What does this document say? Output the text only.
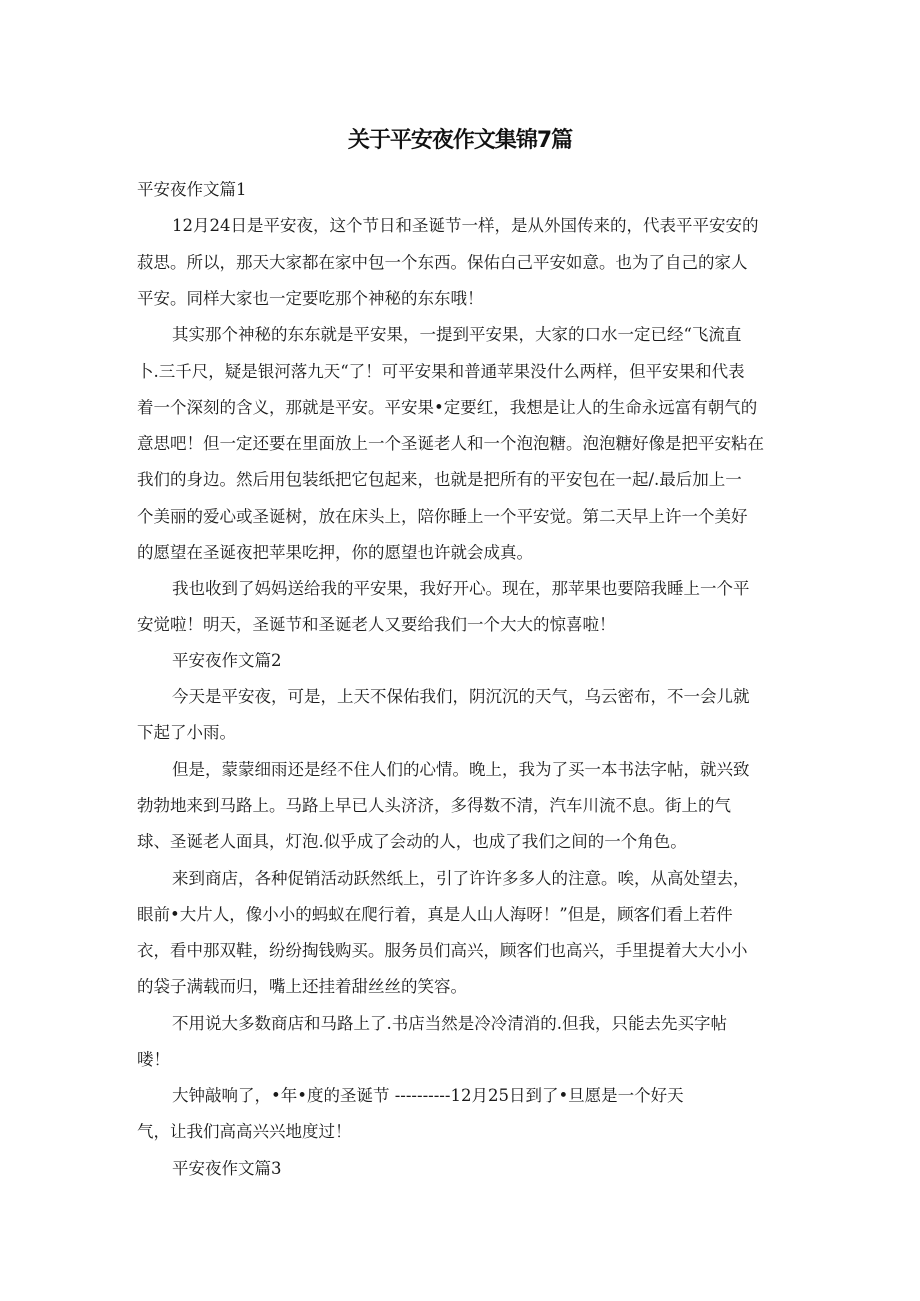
关于平安夜作文集锦7篇
平安夜作文篇1
12月24日是平安夜，这个节日和圣诞节一样，是从外国传来的，代表平平安安的
菽思。所以，那天大家都在家中包一个东西。保佑白己平安如意。也为了自己的家人
平安。同样大家也一定要吃那个神秘的东东哦！
其实那个神秘的东东就是平安果，一提到平安果，大家的口水一定已经“飞流直
卜.三千尺，疑是银河落九天“了！可平安果和普通苹果没什么两样，但平安果和代表
着一个深刻的含义，那就是平安。平安果•定要红，我想是让人的生命永远富有朝气的
意思吧！但一定还要在里面放上一个圣诞老人和一个泡泡糖。泡泡糖好像是把平安粘在
我们的身边。然后用包装纸把它包起来，也就是把所有的平安包在一起/.最后加上一
个美丽的爱心或圣诞树，放在床头上，陪你睡上一个平安觉。第二天早上许一个美好
的愿望在圣诞夜把苹果吃押，你的愿望也许就会成真。
我也收到了妈妈送给我的平安果，我好开心。现在，那苹果也要陪我睡上一个平
安觉啦！明天，圣诞节和圣诞老人又要给我们一个大大的惊喜啦！
平安夜作文篇2
今天是平安夜，可是，上天不保佑我们，阴沉沉的天气，乌云密布，不一会儿就
下起了小雨。
但是，蒙蒙细雨还是经不住人们的心情。晚上，我为了买一本书法字帖，就兴致
勃勃地来到马路上。马路上早已人头济济，多得数不清，汽车川流不息。街上的气
球、圣诞老人面具，灯泡.似乎成了会动的人，也成了我们之间的一个角色。
来到商店，各种促销活动跃然纸上，引了许许多多人的注意。唉，从高处望去，
眼前•大片人，像小小的蚂蚁在爬行着，真是人山人海呀！”但是，顾客们看上若件
衣，看中那双鞋，纷纷掏钱购买。服务员们高兴，顾客们也高兴，手里提着大大小小
的袋子满载而归，嘴上还挂着甜丝丝的笑容。
不用说大多数商店和马路上了.书店当然是冷冷清消的.但我，只能去先买字帖
喽！
大钟敲响了，•年•度的圣诞节 ----------12月25日到了•旦愿是一个好天
气，让我们高高兴兴地度过！
平安夜作文篇3
